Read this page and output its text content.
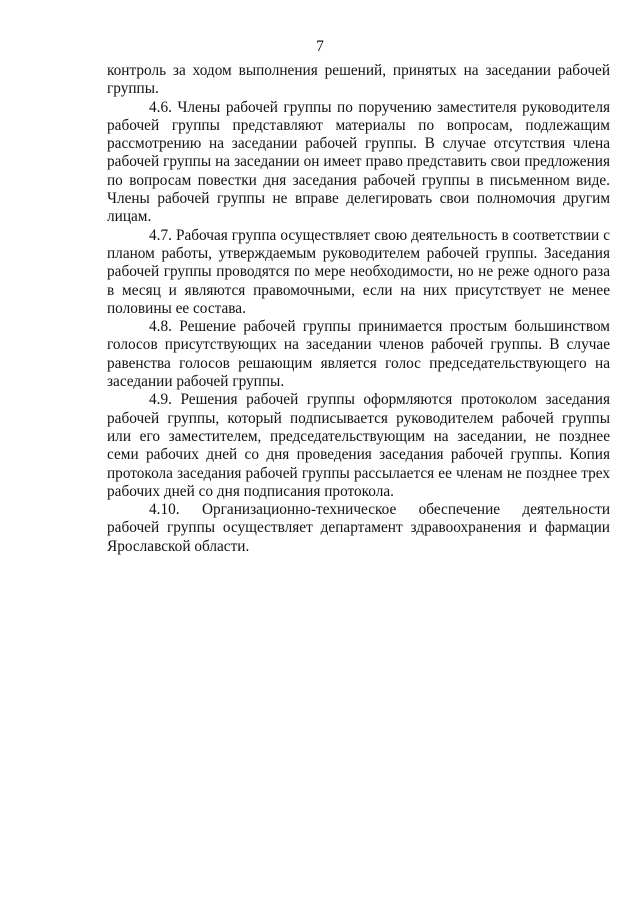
7

контроль за ходом выполнения решений, принятых на заседании рабочей группы.

4.6. Члены рабочей группы по поручению заместителя руководителя рабочей группы представляют материалы по вопросам, подлежащим рассмотрению на заседании рабочей группы. В случае отсутствия члена рабочей группы на заседании он имеет право представить свои предложения по вопросам повестки дня заседания рабочей группы в письменном виде. Члены рабочей группы не вправе делегировать свои полномочия другим лицам.

4.7. Рабочая группа осуществляет свою деятельность в соответствии с планом работы, утверждаемым руководителем рабочей группы. Заседания рабочей группы проводятся по мере необходимости, но не реже одного раза в месяц и являются правомочными, если на них присутствует не менее половины ее состава.

4.8. Решение рабочей группы принимается простым большинством голосов присутствующих на заседании членов рабочей группы. В случае равенства голосов решающим является голос председательствующего на заседании рабочей группы.

4.9. Решения рабочей группы оформляются протоколом заседания рабочей группы, который подписывается руководителем рабочей группы или его заместителем, председательствующим на заседании, не позднее семи рабочих дней со дня проведения заседания рабочей группы. Копия протокола заседания рабочей группы рассылается ее членам не позднее трех рабочих дней со дня подписания протокола.

4.10. Организационно-техническое обеспечение деятельности рабочей группы осуществляет департамент здравоохранения и фармации Ярославской области.
